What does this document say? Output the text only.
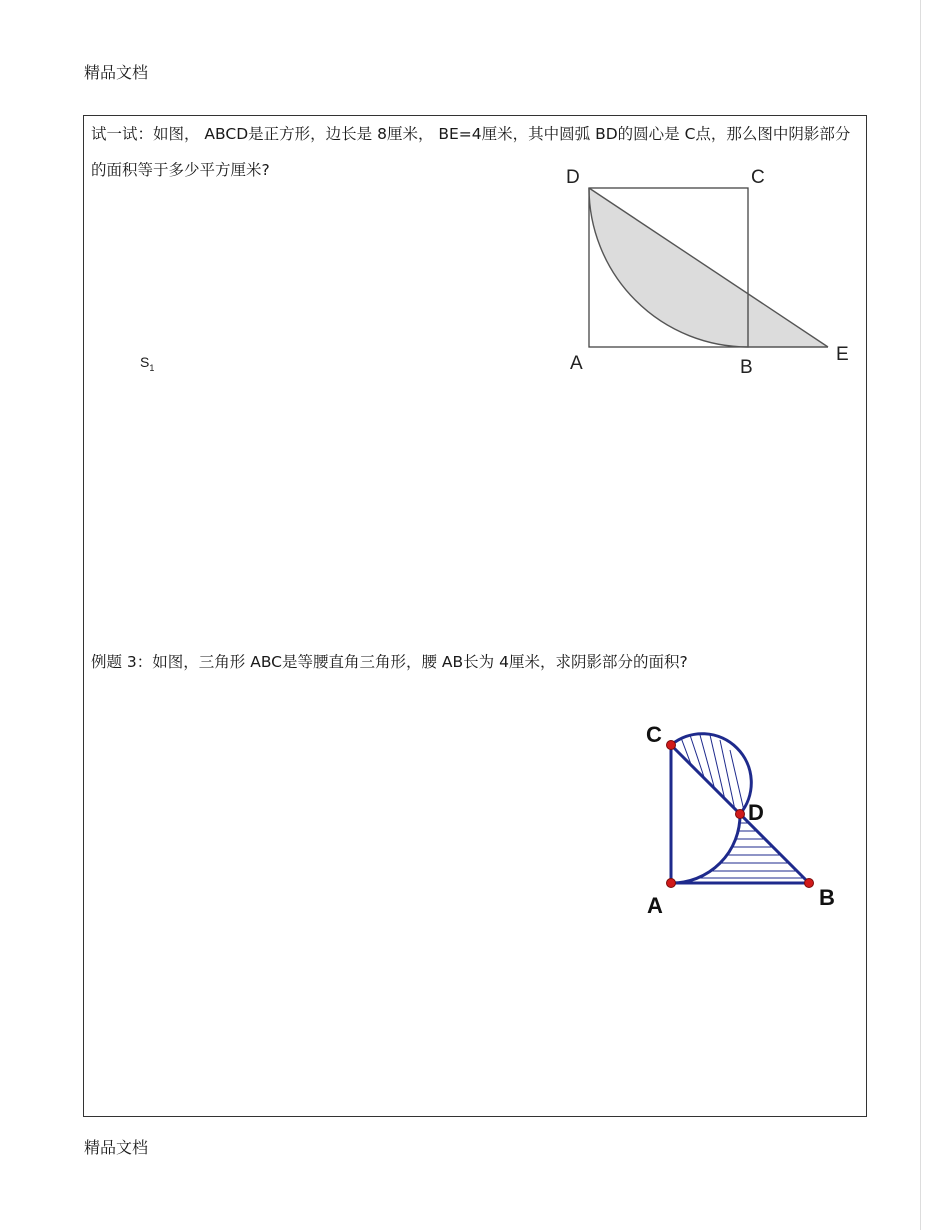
精品文档
试一试：如图， ABCD是正方形，边长是 8厘米， BE=4厘米，其中圆弧 BD的圆心是 C点，那么图中阴影部分的面积等于多少平方厘米?
$S_1$
D	C
A	B
E
例题 3：如图，三角形 ABC是等腰直角三角形，腰 AB长为 4厘米，求阴影部分的面积?
C
D
A	B
精品文档
